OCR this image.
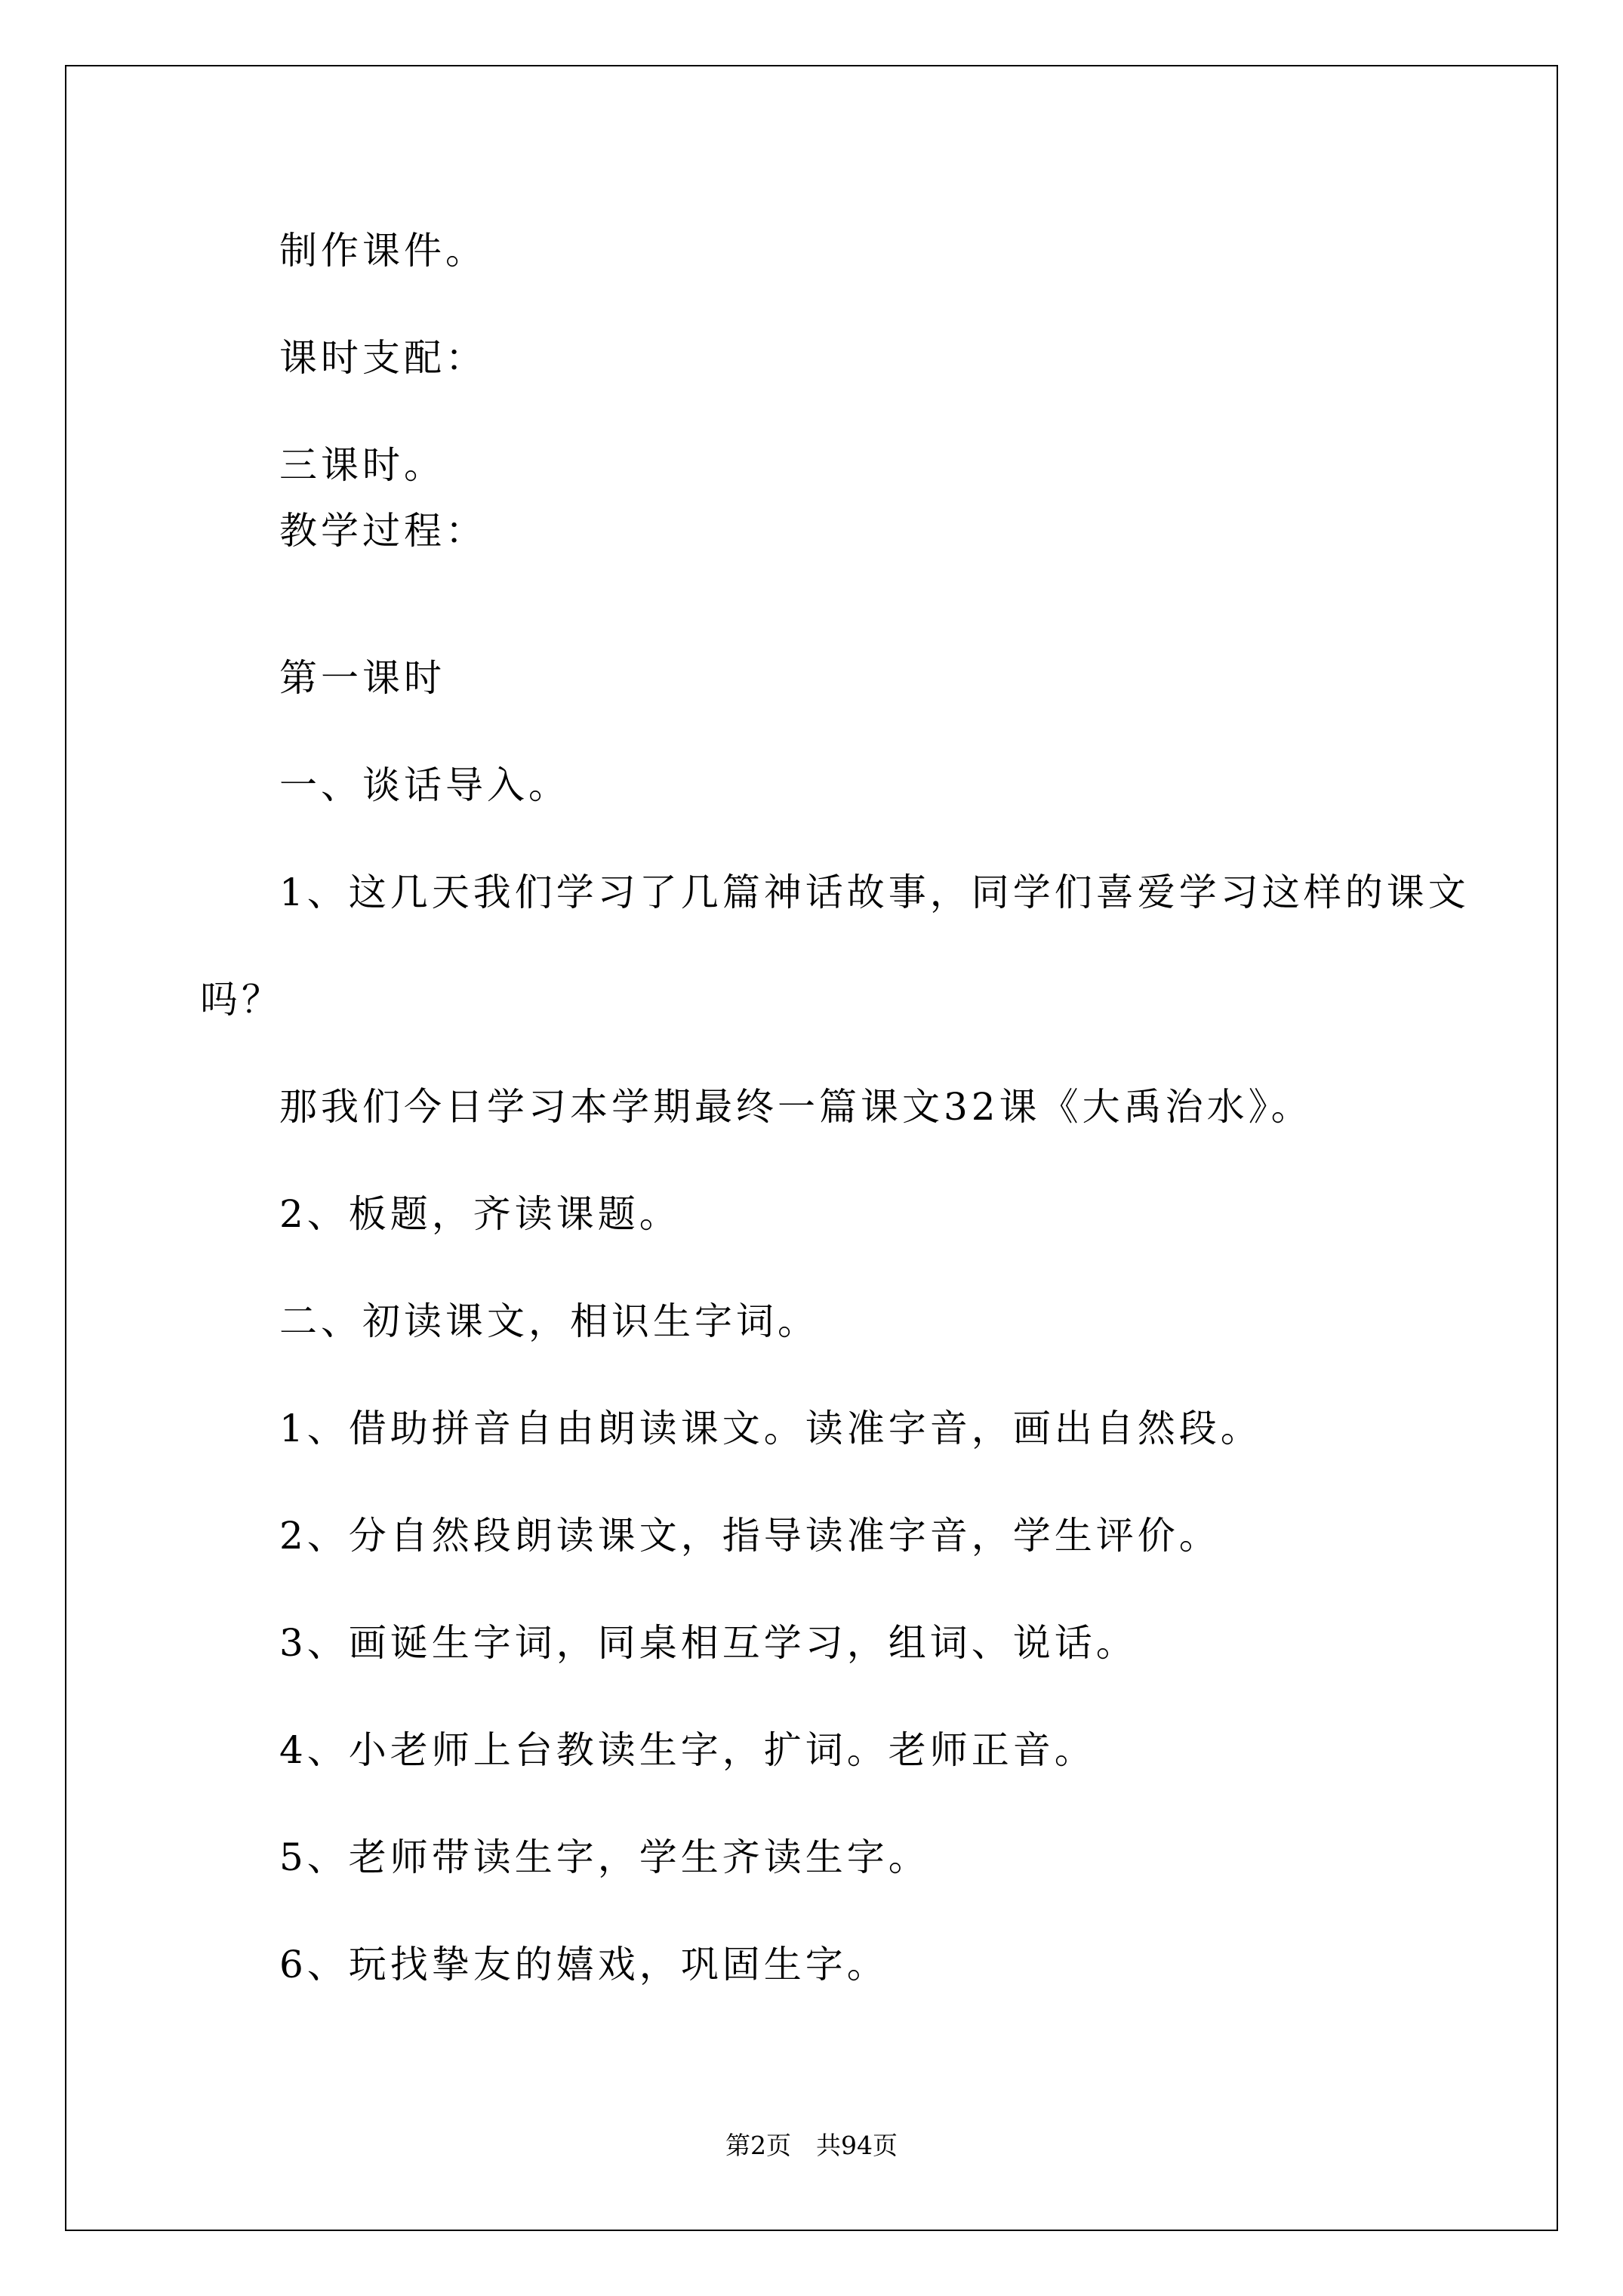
制作课件。

课时支配：

三课时。

教学过程：

第一课时

一、谈话导入。

1、这几天我们学习了几篇神话故事，同学们喜爱学习这样的课文

吗？

那我们今日学习本学期最终一篇课文32课《大禹治水》。

2、板题，齐读课题。

二、初读课文，相识生字词。

1、借助拼音自由朗读课文。读准字音，画出自然段。

2、分自然段朗读课文，指导读准字音，学生评价。

3、画诞生字词，同桌相互学习，组词、说话。

4、小老师上台教读生字，扩词。老师正音。

5、老师带读生字，学生齐读生字。

6、玩找挚友的嬉戏，巩固生字。

第2页　共94页
